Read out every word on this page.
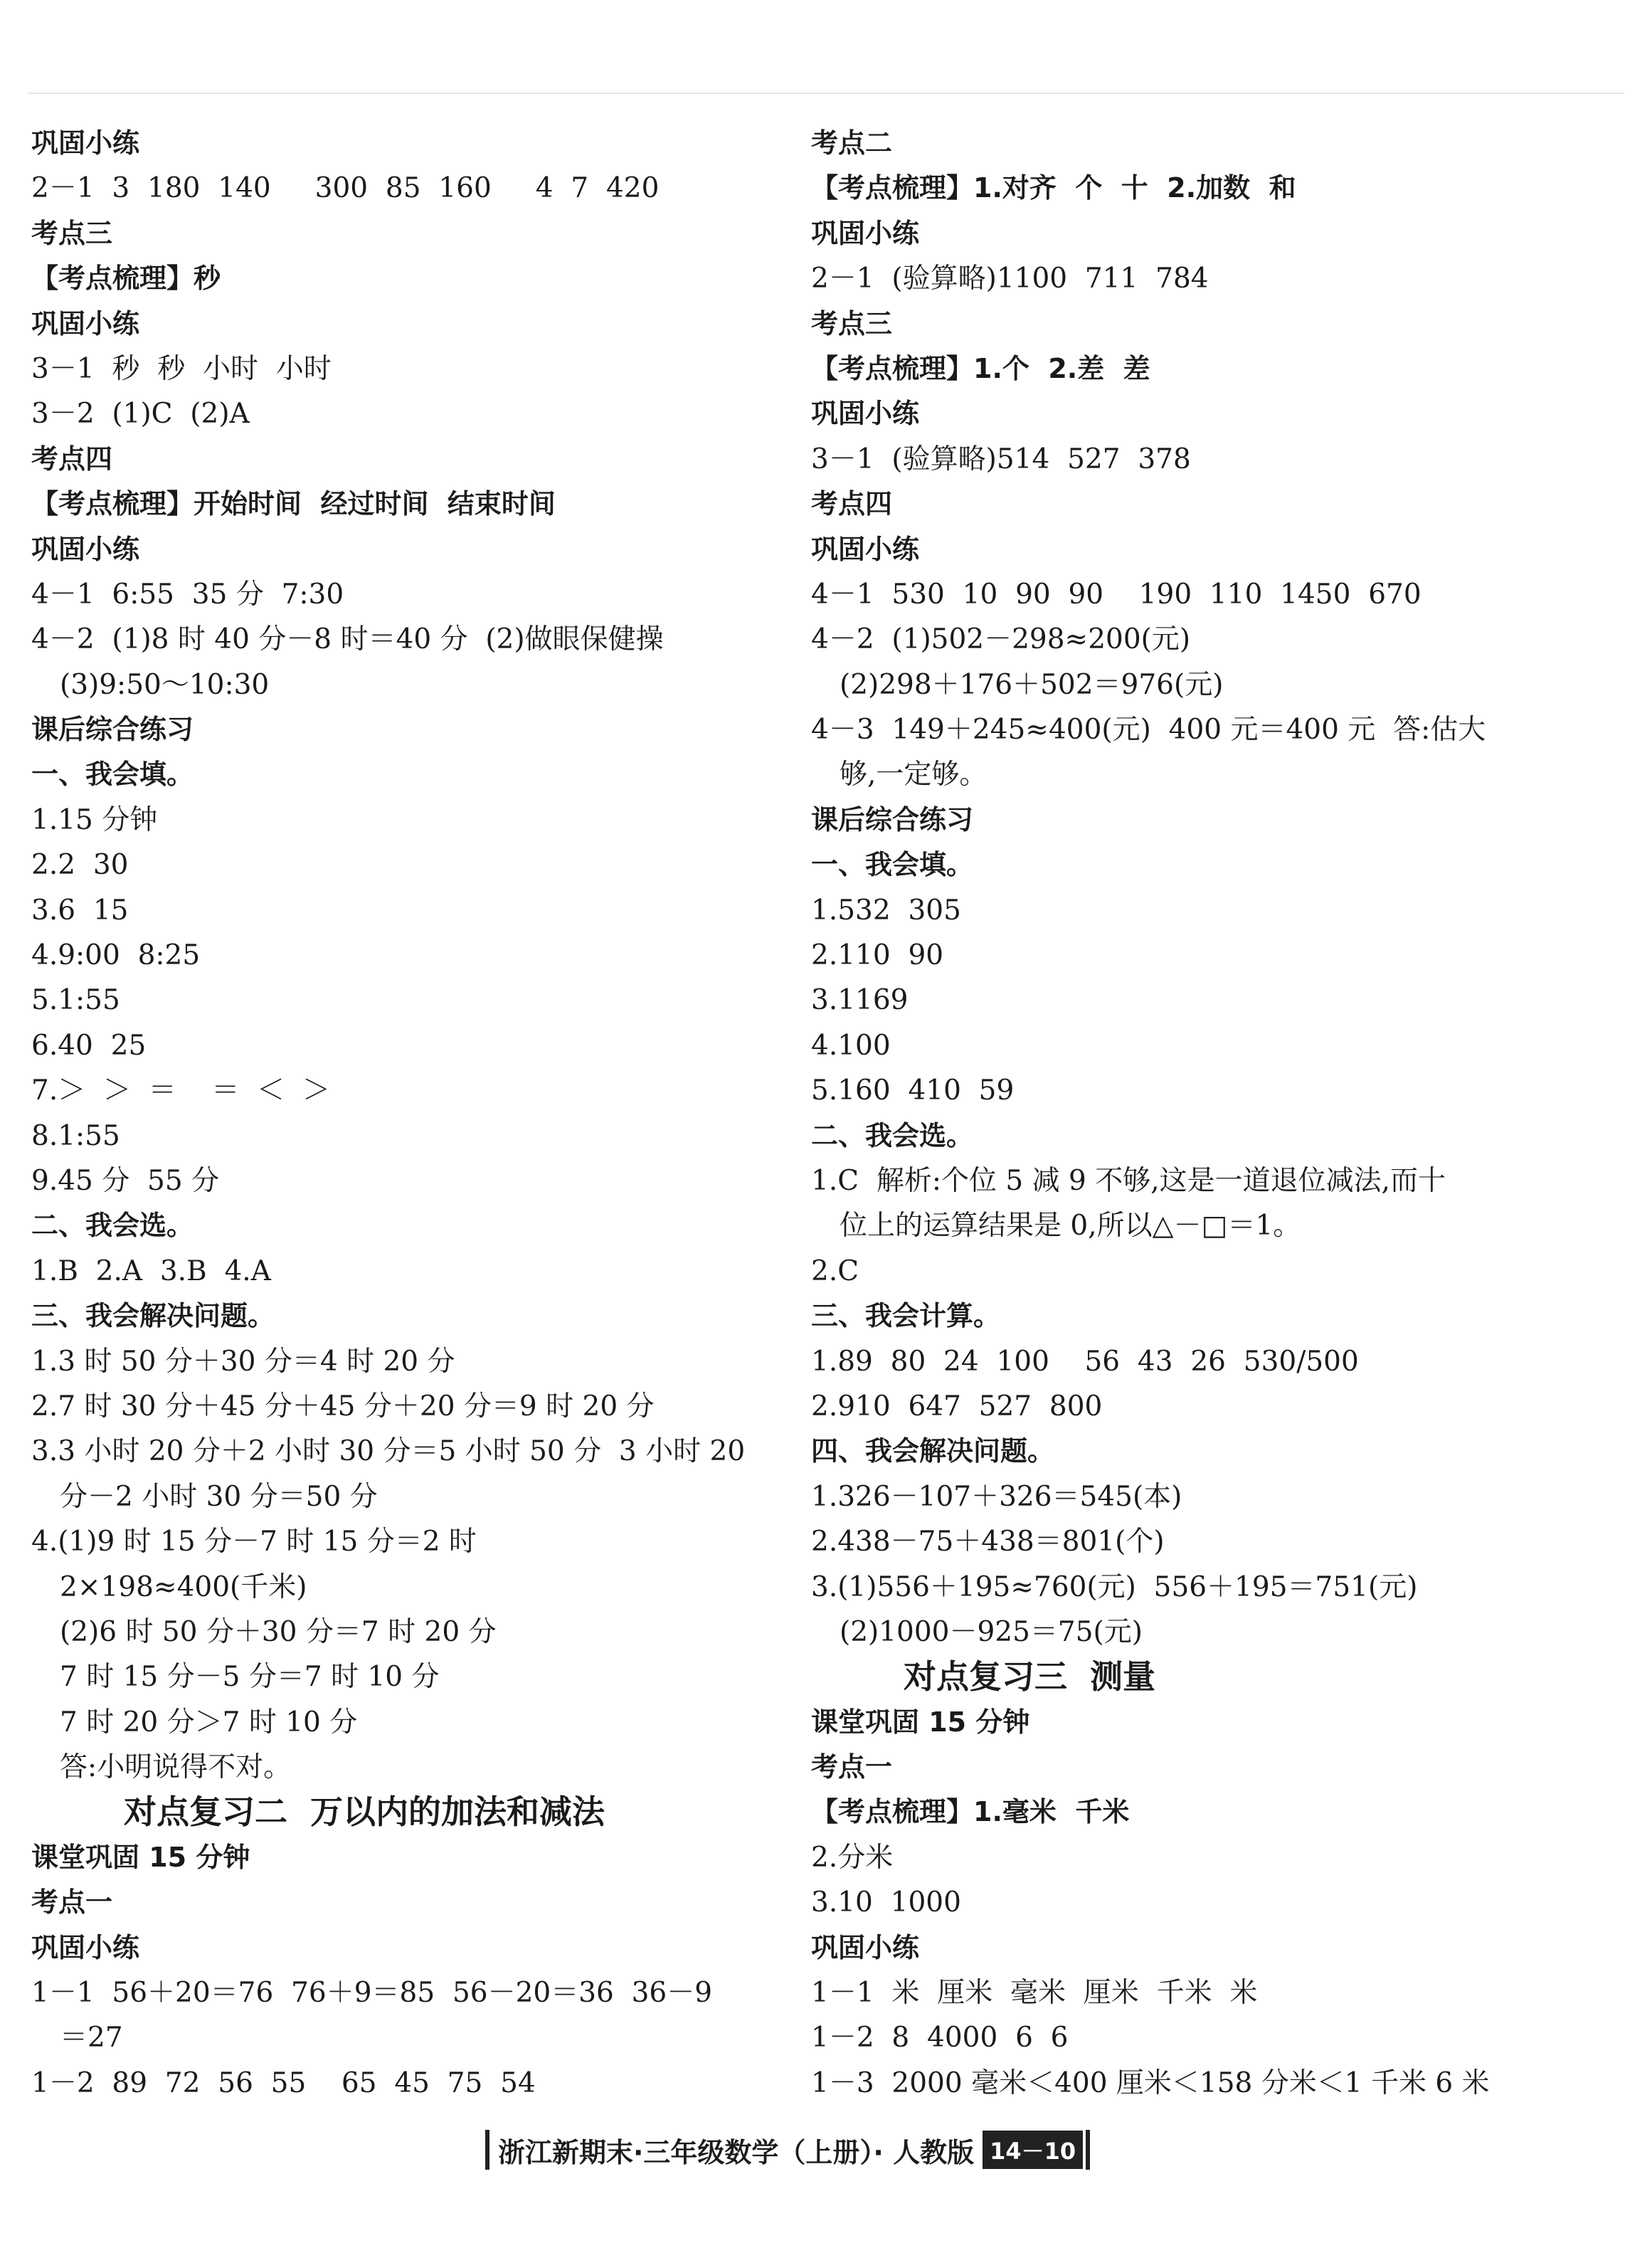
巩固小练
2－1  3  180  140     300  85  160     4  7  420
考点三
【考点梳理】秒
巩固小练
3－1  秒  秒  小时  小时
3－2  (1)C  (2)A
考点四
【考点梳理】开始时间  经过时间  结束时间
巩固小练
4－1  6:55  35 分  7:30
4－2  (1)8 时 40 分－8 时＝40 分  (2)做眼保健操
(3)9:50～10:30
课后综合练习
一、我会填。
1.15 分钟
2.2  30
3.6  15
4.9:00  8:25
5.1:55
6.40  25
7.＞  ＞  ＝    ＝  ＜  ＞
8.1:55
9.45 分  55 分
二、我会选。
1.B  2.A  3.B  4.A
三、我会解决问题。
1.3 时 50 分＋30 分＝4 时 20 分
2.7 时 30 分＋45 分＋45 分＋20 分＝9 时 20 分
3.3 小时 20 分＋2 小时 30 分＝5 小时 50 分  3 小时 20
分－2 小时 30 分＝50 分
4.(1)9 时 15 分－7 时 15 分＝2 时
2×198≈400(千米)
(2)6 时 50 分＋30 分＝7 时 20 分
7 时 15 分－5 分＝7 时 10 分
7 时 20 分＞7 时 10 分
答:小明说得不对。
对点复习二  万以内的加法和减法
课堂巩固 15 分钟
考点一
巩固小练
1－1  56＋20＝76  76＋9＝85  56－20＝36  36－9
＝27
1－2  89  72  56  55    65  45  75  54
考点二
【考点梳理】1.对齐  个  十  2.加数  和
巩固小练
2－1  (验算略)1100  711  784
考点三
【考点梳理】1.个  2.差  差
巩固小练
3－1  (验算略)514  527  378
考点四
巩固小练
4－1  530  10  90  90    190  110  1450  670
4－2  (1)502－298≈200(元)
(2)298＋176＋502＝976(元)
4－3  149＋245≈400(元)  400 元＝400 元  答:估大
够,一定够。
课后综合练习
一、我会填。
1.532  305
2.110  90
3.1169
4.100
5.160  410  59
二、我会选。
1.C  解析:个位 5 减 9 不够,这是一道退位减法,而十
位上的运算结果是 0,所以△－□＝1。
2.C
三、我会计算。
1.89  80  24  100    56  43  26  530/500
2.910  647  527  800
四、我会解决问题。
1.326－107＋326＝545(本)
2.438－75＋438＝801(个)
3.(1)556＋195≈760(元)  556＋195＝751(元)
(2)1000－925＝75(元)
对点复习三  测量
课堂巩固 15 分钟
考点一
【考点梳理】1.毫米  千米
2.分米
3.10  1000
巩固小练
1－1  米  厘米  毫米  厘米  千米  米
1－2  8  4000  6  6
1－3  2000 毫米＜400 厘米＜158 分米＜1 千米 6 米
浙江新期末·三年级数学（上册）· 人教版 14－10
